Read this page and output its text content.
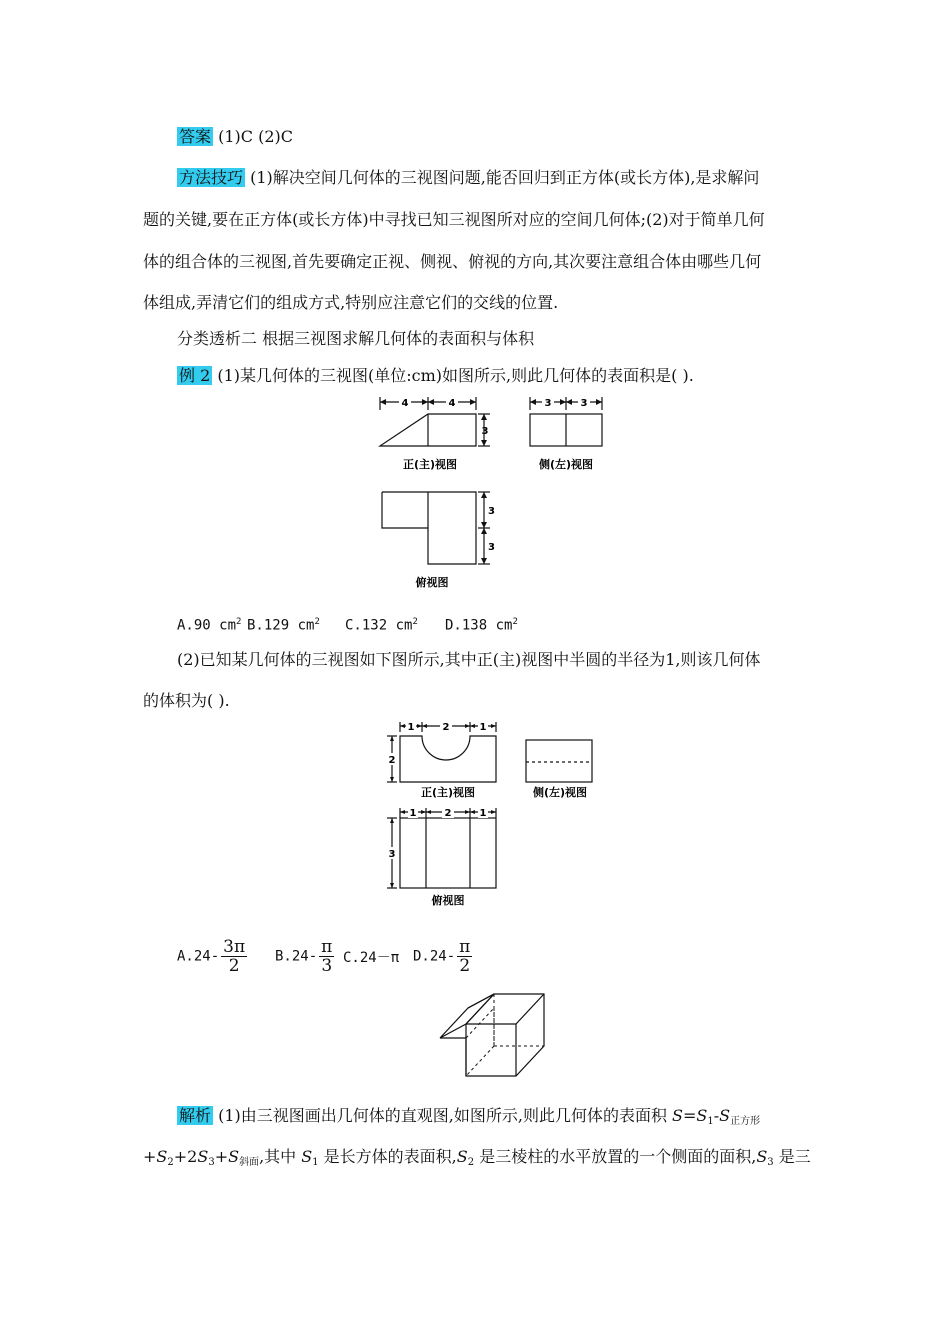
答案 (1)C (2)C
方法技巧 (1)解决空间几何体的三视图问题,能否回归到正方体(或长方体),是求解问
题的关键,要在正方体(或长方体)中寻找已知三视图所对应的空间几何体;(2)对于简单几何
体的组合体的三视图,首先要确定正视、侧视、俯视的方向,其次要注意组合体由哪些几何
体组成,弄清它们的组成方式,特别应注意它们的交线的位置.
分类透析二 根据三视图求解几何体的表面积与体积
例 2 (1)某几何体的三视图(单位:cm)如图所示,则此几何体的表面积是( ).
4	4
3
3	3
3
3
正(主)视图	侧(左)视图
俯视图
A.90 $cm^2$ B.129 $cm^2$ C.132 $cm^2$ D.138 $cm^2$
(2)已知某几何体的三视图如下图所示,其中正(主)视图中半圆的半径为1,则该几何体
的体积为( ).
1	2	1
2
1	2	1
3
正(主)视图	侧(左)视图
俯视图
$A.24- \frac{3\pi}{2} B.24- \frac{\pi}{3} C.24-\pi$ $D.24- \frac{\pi}{2}$
解析 (1)由三视图画出几何体的直观图,如图所示,则此几何体的表面积 $S=S_1-S_{正方形}$
$+S_2+2S_3+S_{斜面}$,其中 $S_1$ 是长方体的表面积$,S_2$ 是三棱柱的水平放置的一个侧面的面积$,S_3$ 是三
